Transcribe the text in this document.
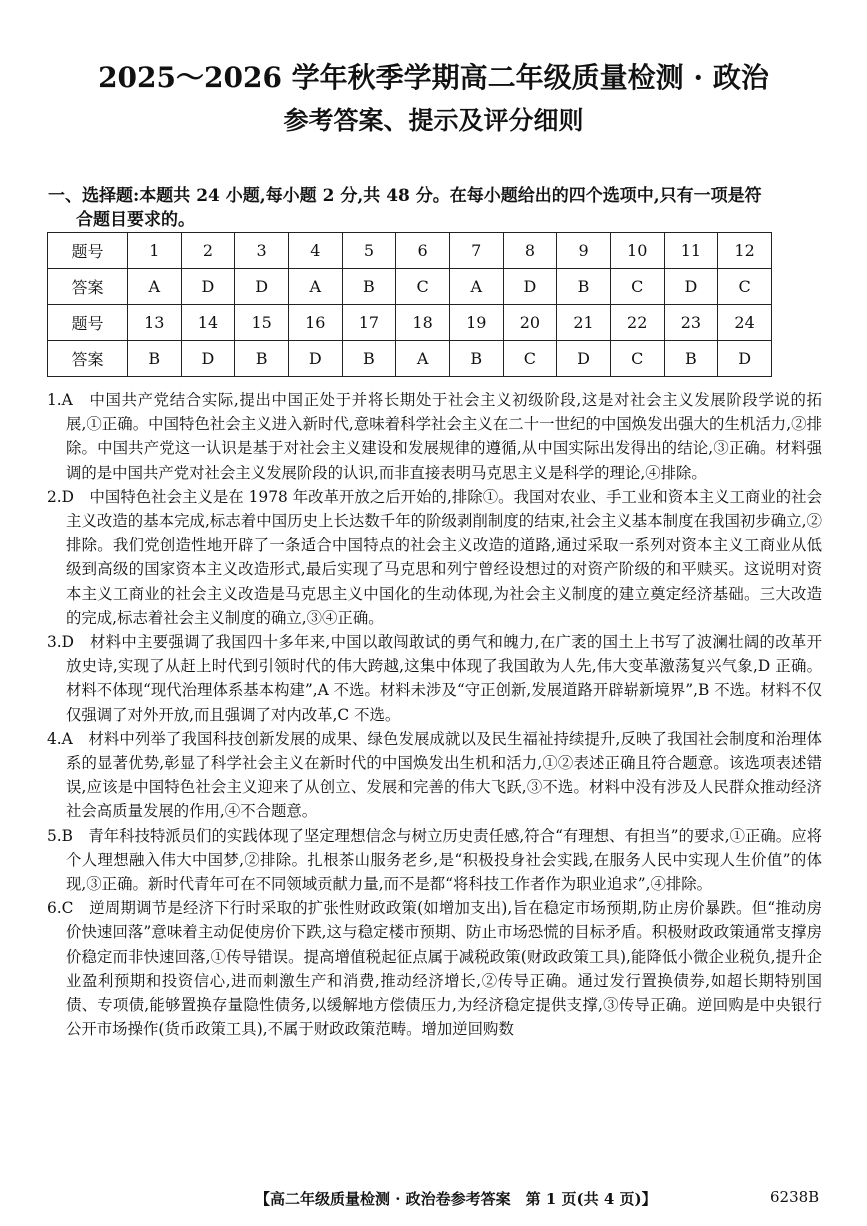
2025～2026 学年秋季学期高二年级质量检测 · 政治
参考答案、提示及评分细则
一、选择题:本题共 24 小题,每小题 2 分,共 48 分。在每小题给出的四个选项中,只有一项是符
合题目要求的。
题号	1	2	3	4	5	6	7	8	9	10	11	12
答案	A	D	D	A	B	C	A	D	B	C	D	C
题号	13	14	15	16	17	18	19	20	21	22	23	24
答案	B	D	B	D	B	A	B	C	D	C	B	D

1.A　中国共产党结合实际,提出中国正处于并将长期处于社会主义初级阶段,这是对社会主义发展阶段学说的拓展,①正确。中国特色社会主义进入新时代,意味着科学社会主义在二十一世纪的中国焕发出强大的生机活力,②排除。中国共产党这一认识是基于对社会主义建设和发展规律的遵循,从中国实际出发得出的结论,③正确。材料强调的是中国共产党对社会主义发展阶段的认识,而非直接表明马克思主义是科学的理论,④排除。

2.D　中国特色社会主义是在 1978 年改革开放之后开始的,排除①。我国对农业、手工业和资本主义工商业的社会主义改造的基本完成,标志着中国历史上长达数千年的阶级剥削制度的结束,社会主义基本制度在我国初步确立,②排除。我们党创造性地开辟了一条适合中国特点的社会主义改造的道路,通过采取一系列对资本主义工商业从低级到高级的国家资本主义改造形式,最后实现了马克思和列宁曾经设想过的对资产阶级的和平赎买。这说明对资本主义工商业的社会主义改造是马克思主义中国化的生动体现,为社会主义制度的建立奠定经济基础。三大改造的完成,标志着社会主义制度的确立,③④正确。

3.D　材料中主要强调了我国四十多年来,中国以敢闯敢试的勇气和魄力,在广袤的国土上书写了波澜壮阔的改革开放史诗,实现了从赶上时代到引领时代的伟大跨越,这集中体现了我国敢为人先,伟大变革激荡复兴气象,D 正确。材料不体现“现代治理体系基本构建”,A 不选。材料未涉及“守正创新,发展道路开辟崭新境界”,B 不选。材料不仅仅强调了对外开放,而且强调了对内改革,C 不选。

4.A　材料中列举了我国科技创新发展的成果、绿色发展成就以及民生福祉持续提升,反映了我国社会制度和治理体系的显著优势,彰显了科学社会主义在新时代的中国焕发出生机和活力,①②表述正确且符合题意。该选项表述错误,应该是中国特色社会主义迎来了从创立、发展和完善的伟大飞跃,③不选。材料中没有涉及人民群众推动经济社会高质量发展的作用,④不合题意。

5.B　青年科技特派员们的实践体现了坚定理想信念与树立历史责任感,符合“有理想、有担当”的要求,①正确。应将个人理想融入伟大中国梦,②排除。扎根茶山服务老乡,是“积极投身社会实践,在服务人民中实现人生价值”的体现,③正确。新时代青年可在不同领域贡献力量,而不是都“将科技工作者作为职业追求”,④排除。

6.C　逆周期调节是经济下行时采取的扩张性财政政策(如增加支出),旨在稳定市场预期,防止房价暴跌。但“推动房价快速回落”意味着主动促使房价下跌,这与稳定楼市预期、防止市场恐慌的目标矛盾。积极财政政策通常支撑房价稳定而非快速回落,①传导错误。提高增值税起征点属于减税政策(财政政策工具),能降低小微企业税负,提升企业盈利预期和投资信心,进而刺激生产和消费,推动经济增长,②传导正确。通过发行置换债券,如超长期特别国债、专项债,能够置换存量隐性债务,以缓解地方偿债压力,为经济稳定提供支撑,③传导正确。逆回购是中央银行公开市场操作(货币政策工具),不属于财政政策范畴。增加逆回购数

【高二年级质量检测 · 政治卷参考答案　第 1 页(共 4 页)】	6238B
